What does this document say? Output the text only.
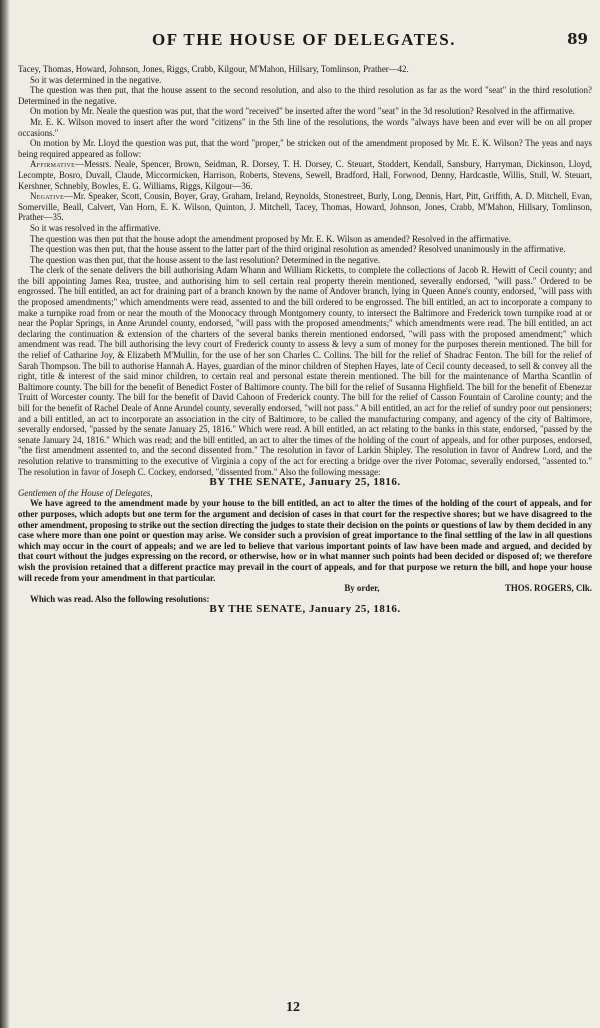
OF THE HOUSE OF DELEGATES.	89

Tacey, Thomas, Howard, Johnson, Jones, Riggs, Crabb, Kilgour, M'Mahon, Hillsary, Tomlinson, Prather—42.

So it was determined in the negative.

The question was then put, that the house assent to the second resolution, and also to the third resolution as far as the word "seat" in the third resolution? Determined in the negative.

On motion by Mr. Neale the question was put, that the word "received" be inserted after the word "seat" in the 3d resolution? Resolved in the affirmative.

Mr. E. K. Wilson moved to insert after the word "citizens" in the 5th line of the resolutions, the words "always have been and ever will be on all proper occasions."

On motion by Mr. Lloyd the question was put, that the word "proper," be stricken out of the amendment proposed by Mr. E. K. Wilson? The yeas and nays being required appeared as follow:

Affirmative—Messrs. Neale, Spencer, Brown, Seidman, R. Dorsey, T. H. Dorsey, C. Steuart, Stoddert, Kendall, Sansbury, Harryman, Dickinson, Lloyd, Lecompte, Bosro, Duvall, Claude, Miccormicken, Harrison, Roberts, Stevens, Sewell, Bradford, Hall, Forwood, Denny, Hardcastle, Willis, Stull, W. Steuart, Kershner, Schnebly, Bowles, E. G. Williams, Riggs, Kilgour—36.

Negative—Mr. Speaker, Scott, Cousin, Boyer, Gray, Graham, Ireland, Reynolds, Stonestreet, Burly, Long, Dennis, Hart, Pitt, Griffith, A. D. Mitchell, Evan, Somerville, Beall, Calvert, Van Horn, E. K. Wilson, Quinton, J. Mitchell, Tacey, Thomas, Howard, Johnson, Jones, Crabb, M'Mahon, Hillsary, Tomlinson, Prather—35.

So it was resolved in the affirmative.

The question was then put that the house adopt the amendment proposed by Mr. E. K. Wilson as amended? Resolved in the affirmative.

The question was then put, that the house assent to the latter part of the third original resolution as amended? Resolved unanimously in the affirmative.

The question was then put, that the house assent to the last resolution? Determined in the negative.

The clerk of the senate delivers the bill authorising Adam Whann and William Ricketts, to complete the collections of Jacob R. Hewitt of Cecil county; and the bill appointing James Rea, trustee, and authorising him to sell certain real property therein mentioned, severally endorsed, "will pass." Ordered to be engrossed. The bill entitled, an act for draining part of a branch known by the name of Andover branch, lying in Queen Anne's county, endorsed, "will pass with the proposed amendments;" which amendments were read, assented to and the bill ordered to be engrossed. The bill entitled, an act to incorporate a company to make a turnpike road from or near the mouth of the Monocacy through Montgomery county, to intersect the Baltimore and Frederick town turnpike road at or near the Poplar Springs, in Anne Arundel county, endorsed, "will pass with the proposed amendments;" which amendments were read. The bill entitled, an act declaring the continuation & extension of the charters of the several banks therein mentioned endorsed, "will pass with the proposed amendment;" which amendment was read. The bill authorising the levy court of Frederick county to assess & levy a sum of money for the purposes therein mentioned. The bill for the relief of Catharine Joy, & Elizabeth M'Mullin, for the use of her son Charles C. Collins. The bill for the relief of Shadrac Fenton. The bill for the relief of Sarah Thompson. The bill to authorise Hannah A. Hayes, guardian of the minor children of Stephen Hayes, late of Cecil county deceased, to sell & convey all the right, title & interest of the said minor children, to certain real and personal estate therein mentioned. The bill for the maintenance of Martha Scantlin of Baltimore county. The bill for the benefit of Benedict Foster of Baltimore county. The bill for the relief of Susanna Highfield. The bill for the benefit of Ebenezar Truitt of Worcester county. The bill for the benefit of David Cahoon of Frederick county. The bill for the relief of Casson Fountain of Caroline county; and the bill for the benefit of Rachel Deale of Anne Arundel county, severally endorsed, "will not pass." A bill entitled, an act for the relief of sundry poor out pensioners; and a bill entitled, an act to incorporate an association in the city of Baltimore, to be called the manufacturing company, and agency of the city of Baltimore, severally endorsed, "passed by the senate January 25, 1816." Which were read. A bill entitled, an act relating to the banks in this state, endorsed, "passed by the senate January 24, 1816." Which was read; and the bill entitled, an act to alter the times of the holding of the court of appeals, and for other purposes, endorsed, "the first amendment assented to, and the second dissented from." The resolution in favor of Larkin Shipley. The resolution in favor of Andrew Lord, and the resolution relative to transmitting to the executive of Virginia a copy of the act for erecting a bridge over the river Potomac, severally endorsed, "assented to." The resolution in favor of Joseph C. Cockey, endorsed, "dissented from." Also the following message:

BY THE SENATE, January 25, 1816.

Gentlemen of the House of Delegates,

We have agreed to the amendment made by your house to the bill entitled, an act to alter the times of the holding of the court of appeals, and for other purposes, which adopts but one term for the argument and decision of cases in that court for the respective shores; but we have disagreed to the other amendment, proposing to strike out the section directing the judges to state their decision on the points or questions of law by them decided in any case where more than one point or question may arise. We consider such a provision of great importance to the final settling of the law in all questions which may occur in the court of appeals; and we are led to believe that various important points of law have been made and argued, and decided by that court without the judges expressing on the record, or otherwise, how or in what manner such points had been decided or disposed of; we therefore wish the provision retained that a different practice may prevail in the court of appeals, and for that purpose we return the bill, and hope your house will recede from your amendment in that particular.

By order,	THOS. ROGERS, Clk.

Which was read. Also the following resolutions:

BY THE SENATE, January 25, 1816.

12
